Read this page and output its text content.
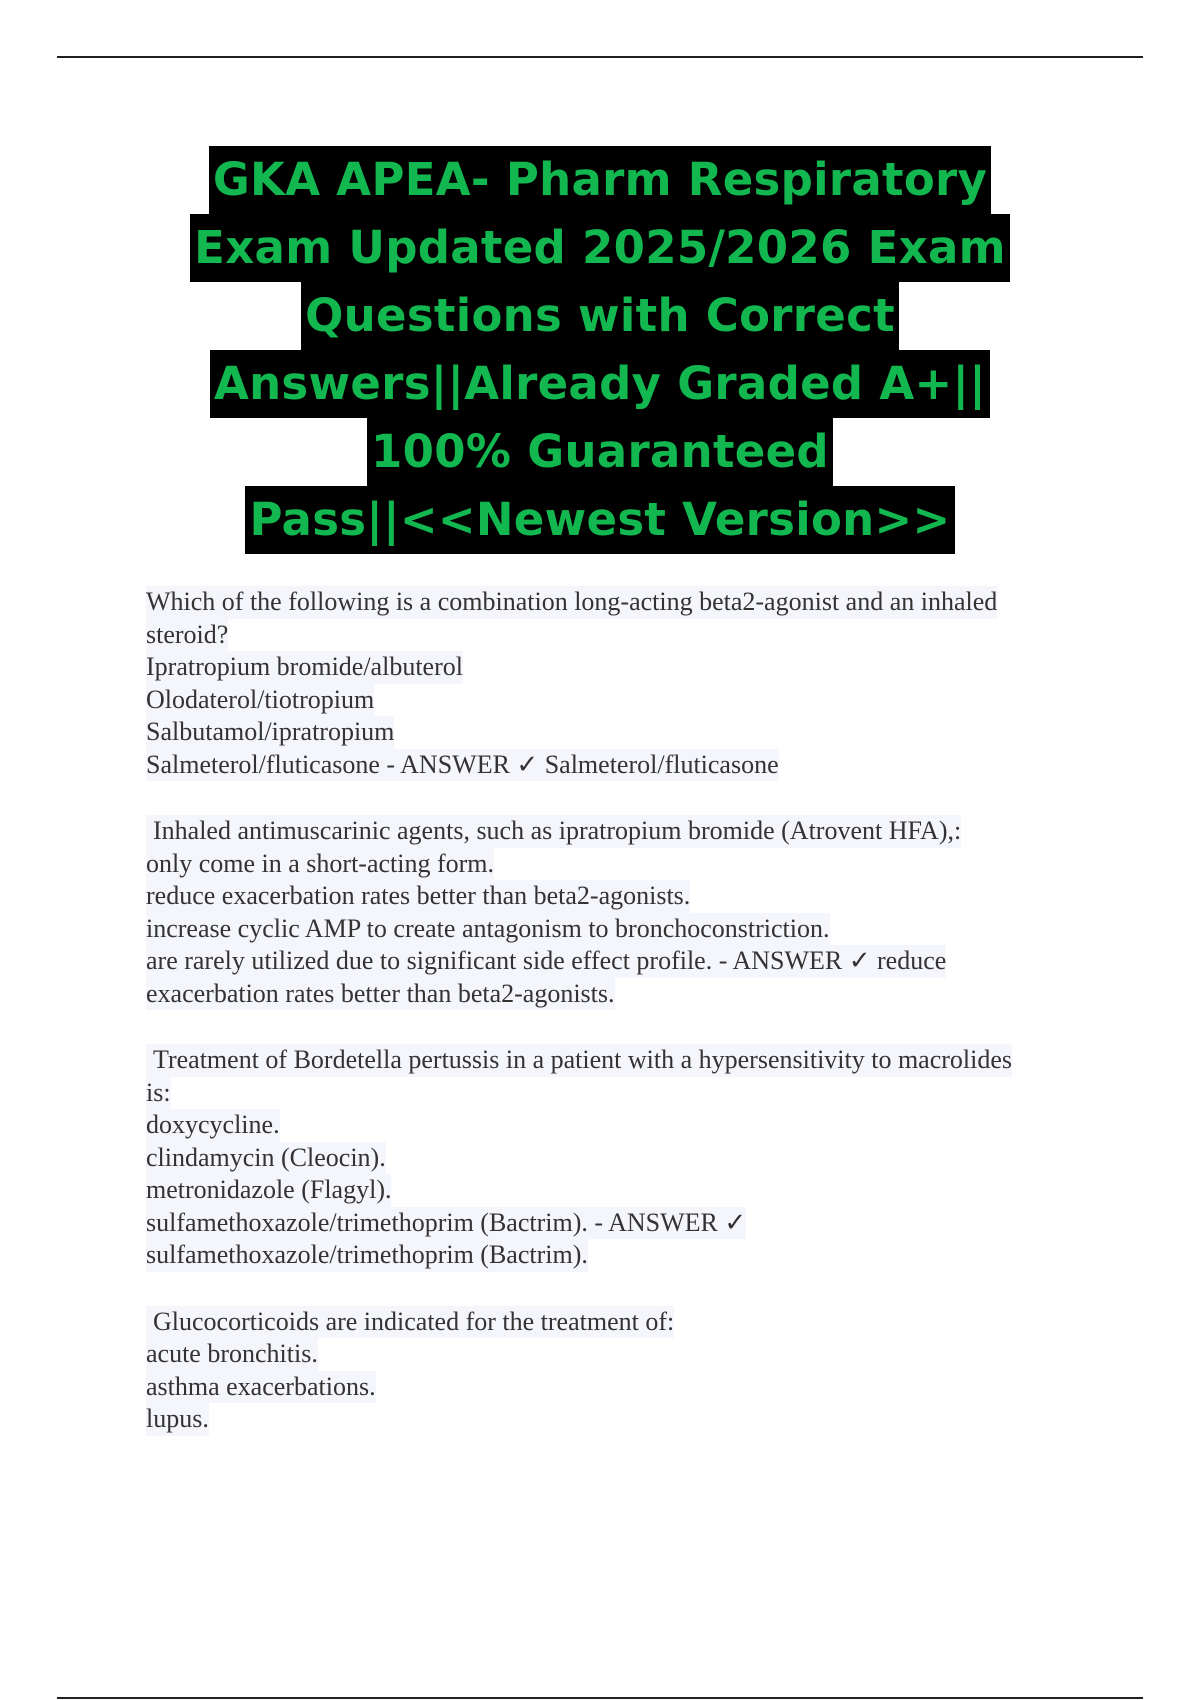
GKA APEA- Pharm Respiratory
Exam Updated 2025/2026 Exam
Questions with Correct
Answers||Already Graded A+||
100% Guaranteed
Pass||<<Newest Version>>
Which of the following is a combination long-acting beta2-agonist and an inhaled
steroid?
Ipratropium bromide/albuterol
Olodaterol/tiotropium
Salbutamol/ipratropium
Salmeterol/fluticasone - ANSWER ✓ Salmeterol/fluticasone
Inhaled antimuscarinic agents, such as ipratropium bromide (Atrovent HFA),:
only come in a short-acting form.
reduce exacerbation rates better than beta2-agonists.
increase cyclic AMP to create antagonism to bronchoconstriction.
are rarely utilized due to significant side effect profile. - ANSWER ✓ reduce
exacerbation rates better than beta2-agonists.
Treatment of Bordetella pertussis in a patient with a hypersensitivity to macrolides
is:
doxycycline.
clindamycin (Cleocin).
metronidazole (Flagyl).
sulfamethoxazole/trimethoprim (Bactrim). - ANSWER ✓
sulfamethoxazole/trimethoprim (Bactrim).
Glucocorticoids are indicated for the treatment of:
acute bronchitis.
asthma exacerbations.
lupus.
